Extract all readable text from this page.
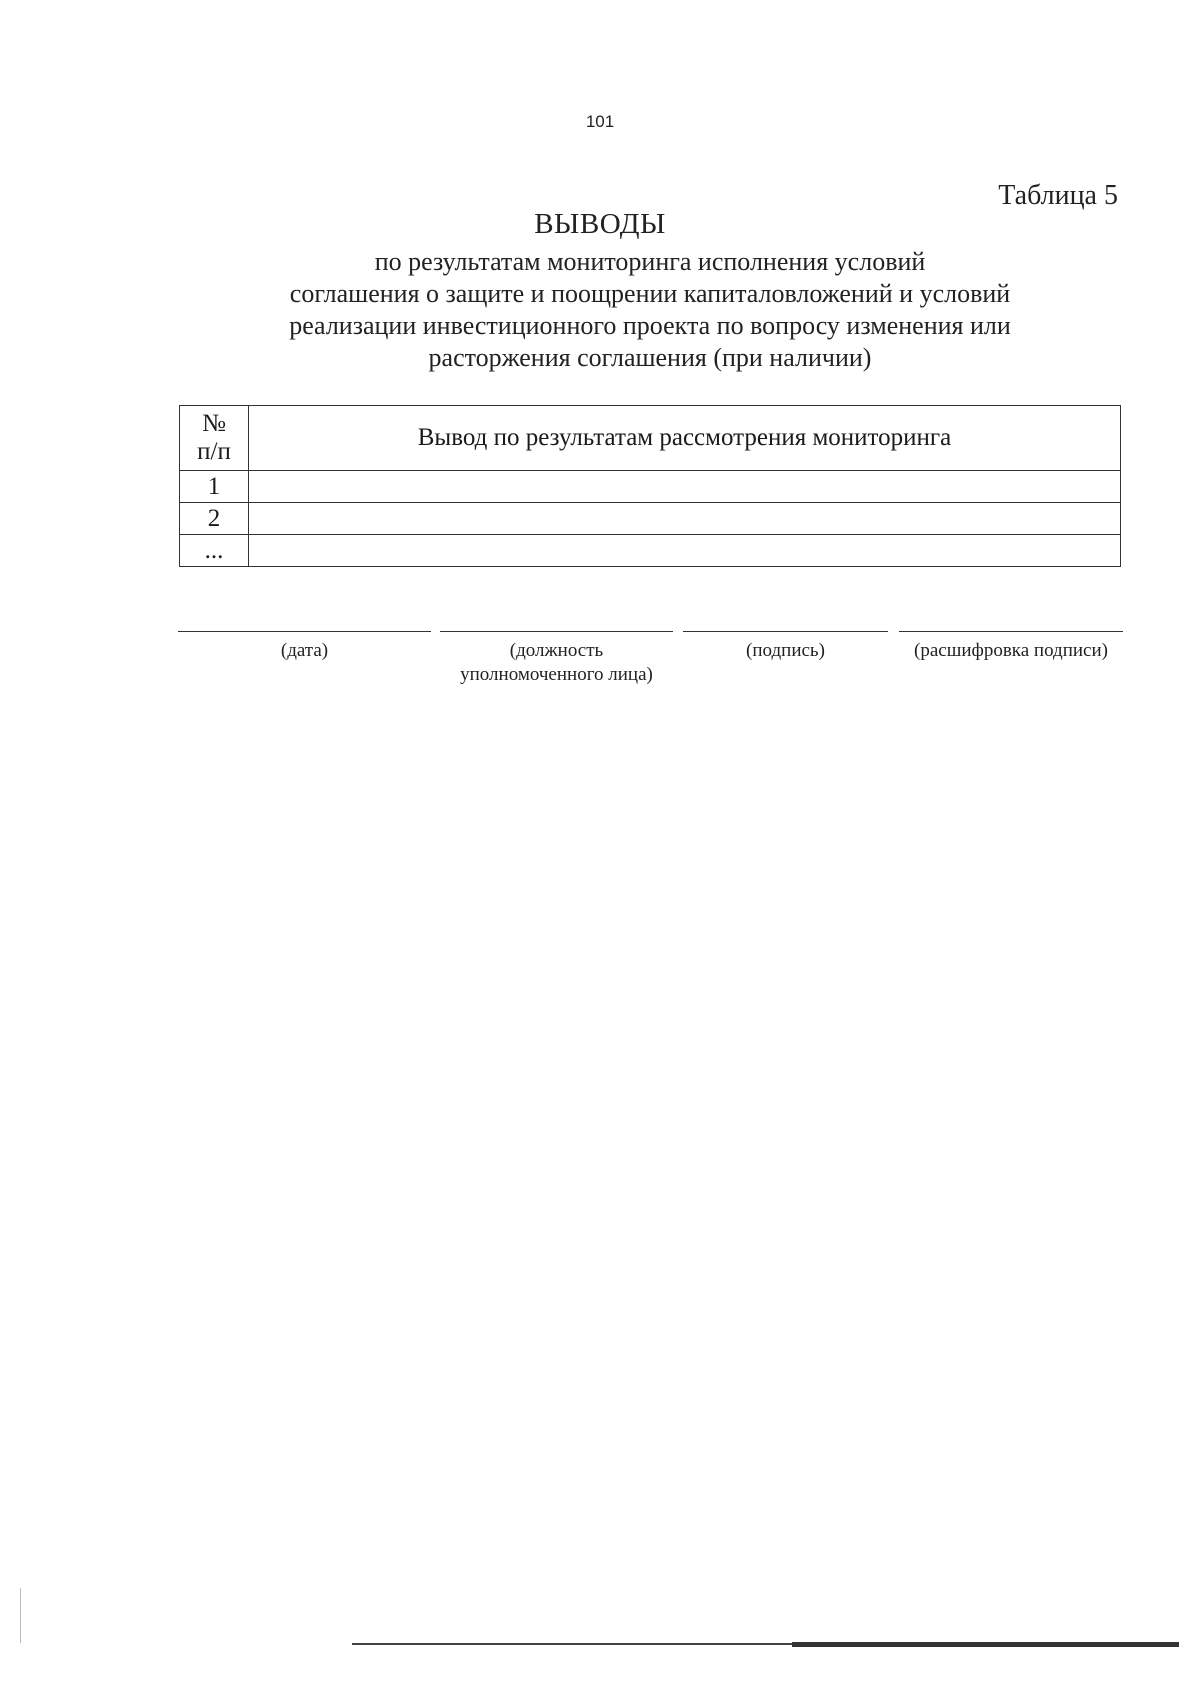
101
Таблица 5
ВЫВОДЫ
по результатам мониторинга исполнения условий
соглашения о защите и поощрении капиталовложений и условий
реализации инвестиционного проекта по вопросу изменения или
расторжения соглашения (при наличии)
№
п/п	Вывод по результатам рассмотрения мониторинга
1	
2	
...	
(дата)	(должность
уполномоченного лица)
(подпись)	(расшифровка подписи)
